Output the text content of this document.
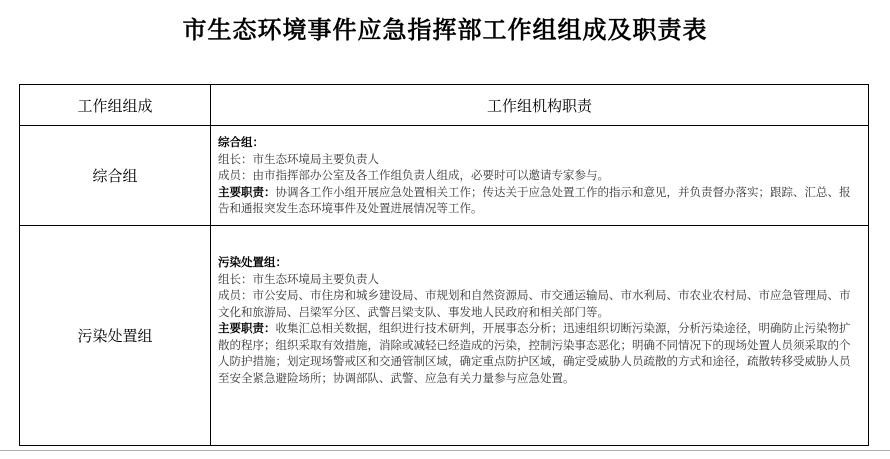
市生态环境事件应急指挥部工作组组成及职责表
工作组组成	工作组机构职责
综合组	综合组：
组长：市生态环境局主要负责人
成员：由市指挥部办公室及各工作组负责人组成，必要时可以邀请专家参与。
主要职责：协调各工作小组开展应急处置相关工作；传达关于应急处置工作的指示和意见，并负责督办落实；跟踪、汇总、报告和通报突发生态环境事件及处置进展情况等工作。

污染处置组	污染处置组：
组长：市生态环境局主要负责人
成员：市公安局、市住房和城乡建设局、市规划和自然资源局、市交通运输局、市水利局、市农业农村局、市应急管理局、市文化和旅游局、吕梁军分区、武警吕梁支队、事发地人民政府和相关部门等。
主要职责：收集汇总相关数据，组织进行技术研判，开展事态分析；迅速组织切断污染源，分析污染途径，明确防止污染物扩散的程序；组织采取有效措施，消除或减轻已经造成的污染，控制污染事态恶化；明确不同情况下的现场处置人员须采取的个人防护措施；划定现场警戒区和交通管制区域，确定重点防护区域，确定受威胁人员疏散的方式和途径，疏散转移受威胁人员至安全紧急避险场所；协调部队、武警、应急有关力量参与应急处置。
